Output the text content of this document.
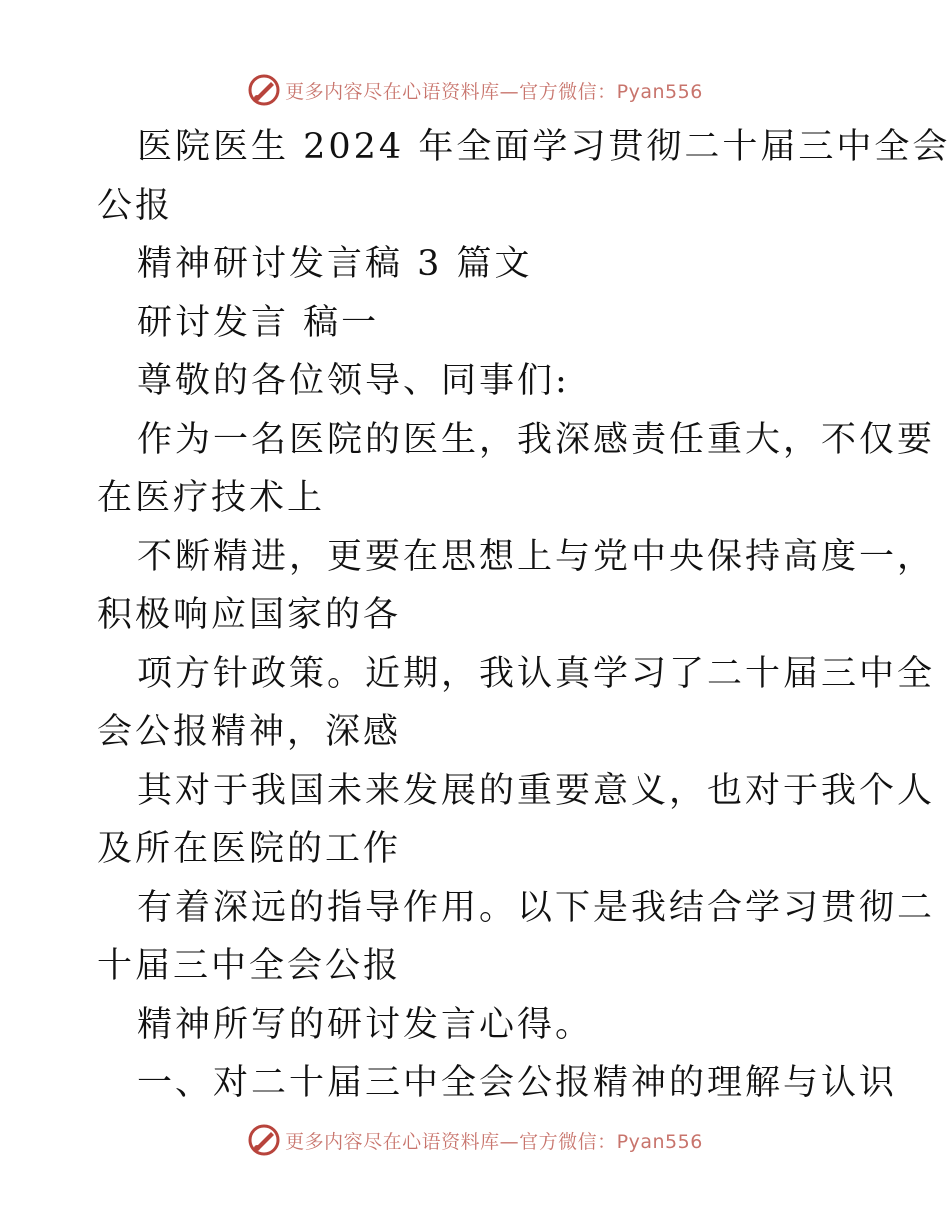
更多内容尽在心语资料库—官方微信：Pyan556
医院医生 2024 年全面学习贯彻二十届三中全会
公报
精神研讨发言稿 3 篇文
研讨发言 稿一
尊敬的各位领导、同事们:
作为一名医院的医生，我深感责任重大，不仅要
在医疗技术上
不断精进，更要在思想上与党中央保持高度一，
积极响应国家的各
项方针政策。近期，我认真学习了二十届三中全
会公报精神，深感
其对于我国未来发展的重要意义，也对于我个人
及所在医院的工作
有着深远的指导作用。以下是我结合学习贯彻二
十届三中全会公报
精神所写的研讨发言心得。
一、对二十届三中全会公报精神的理解与认识
更多内容尽在心语资料库—官方微信：Pyan556
